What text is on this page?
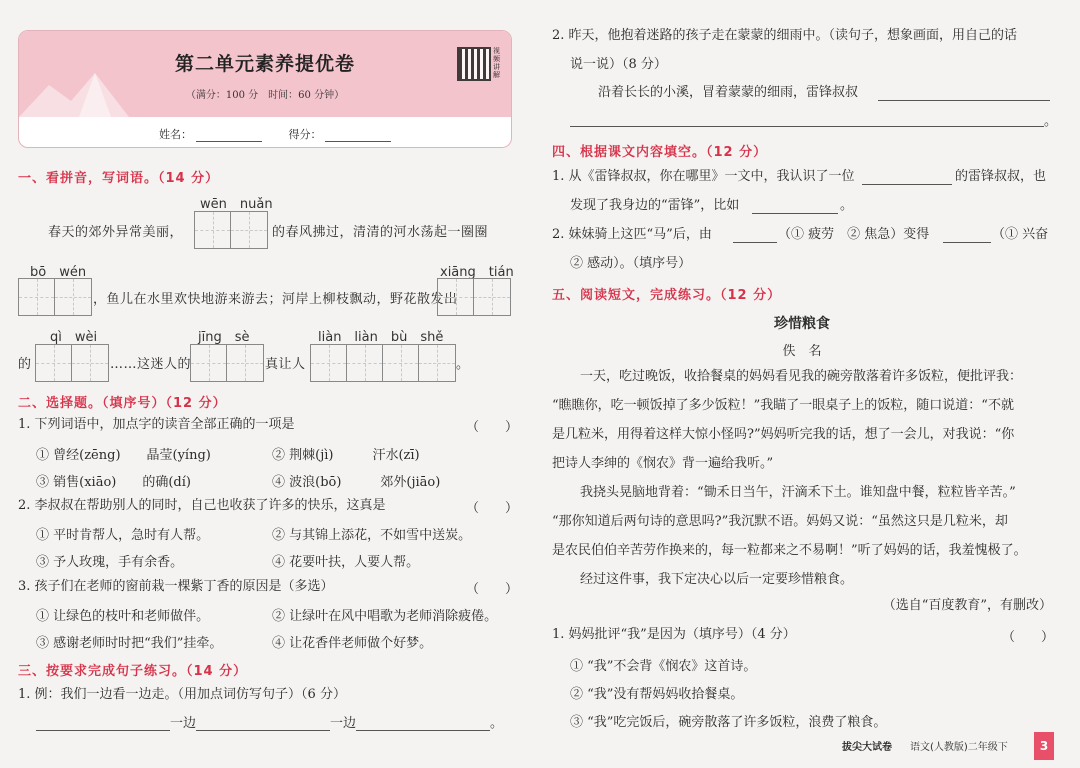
第二单元素养提优卷
（满分：100 分　时间：60 分钟）
视频讲解
姓名：	得分：
一、看拼音，写词语。（14 分）
wēn　nuǎn
春天的郊外异常美丽，	的春风拂过，清清的河水荡起一圈圈
bō　wén
，鱼儿在水里欢快地游来游去；河岸上柳枝飘动，野花散发出
xiāng　tián
qì　wèi
的	……这迷人的
jīng　sè
真让人
liàn　liàn　bù　shě
。
二、选择题。（填序号）（12 分）
1. 下列词语中，加点字的读音全部正确的一项是	（　　）
① 曾经(zēng)　　晶莹(yíng)	② 荆棘(jì)　　　汗水(zī)
③ 销售(xiāo)　　的确(dí)	④ 波浪(bō)　　　郊外(jiāo)
2. 李叔叔在帮助别人的同时，自己也收获了许多的快乐，这真是	（　　）
① 平时肯帮人，急时有人帮。	② 与其锦上添花，不如雪中送炭。
③ 予人玫瑰，手有余香。	④ 花要叶扶，人要人帮。
3. 孩子们在老师的窗前栽一棵紫丁香的原因是（多选）	（　　）
① 让绿色的枝叶和老师做伴。	② 让绿叶在风中唱歌为老师消除疲倦。
③ 感谢老师时时把“我们”挂牵。	④ 让花香伴老师做个好梦。
三、按要求完成句子练习。（14 分）
1. 例：我们一边看一边走。（用加点词仿写句子）（6 分）
一边	一边	。
2. 昨天，他抱着迷路的孩子走在蒙蒙的细雨中。（读句子，想象画面，用自己的话
说一说）（8 分）
沿着长长的小溪，冒着蒙蒙的细雨，雷锋叔叔
。
四、根据课文内容填空。（12 分）
1. 从《雷锋叔叔，你在哪里》一文中，我认识了一位	的雷锋叔叔，也
发现了我身边的“雷锋”，比如	。
2. 妹妹骑上这匹“马”后，由	（① 疲劳　② 焦急）变得	（① 兴奋
② 感动）。（填序号）
五、阅读短文，完成练习。（12 分）
珍惜粮食
佚　名
一天，吃过晚饭，收拾餐桌的妈妈看见我的碗旁散落着许多饭粒，便批评我：
“瞧瞧你，吃一顿饭掉了多少饭粒！”我瞄了一眼桌子上的饭粒，随口说道：“不就
是几粒米，用得着这样大惊小怪吗?”妈妈听完我的话，想了一会儿，对我说：“你
把诗人李绅的《悯农》背一遍给我听。”
我挠头晃脑地背着：“锄禾日当午，汗滴禾下土。谁知盘中餐，粒粒皆辛苦。”
“那你知道后两句诗的意思吗?”我沉默不语。妈妈又说：“虽然这只是几粒米，却
是农民伯伯辛苦劳作换来的，每一粒都来之不易啊！”听了妈妈的话，我羞愧极了。
经过这件事，我下定决心以后一定要珍惜粮食。
（选自“百度教育”，有删改）
1. 妈妈批评“我”是因为（填序号）（4 分）	（　　）
① “我”不会背《悯农》这首诗。
② “我”没有帮妈妈收拾餐桌。
③ “我”吃完饭后，碗旁散落了许多饭粒，浪费了粮食。
拔尖大试卷 语文(人教版)二年级下	3
